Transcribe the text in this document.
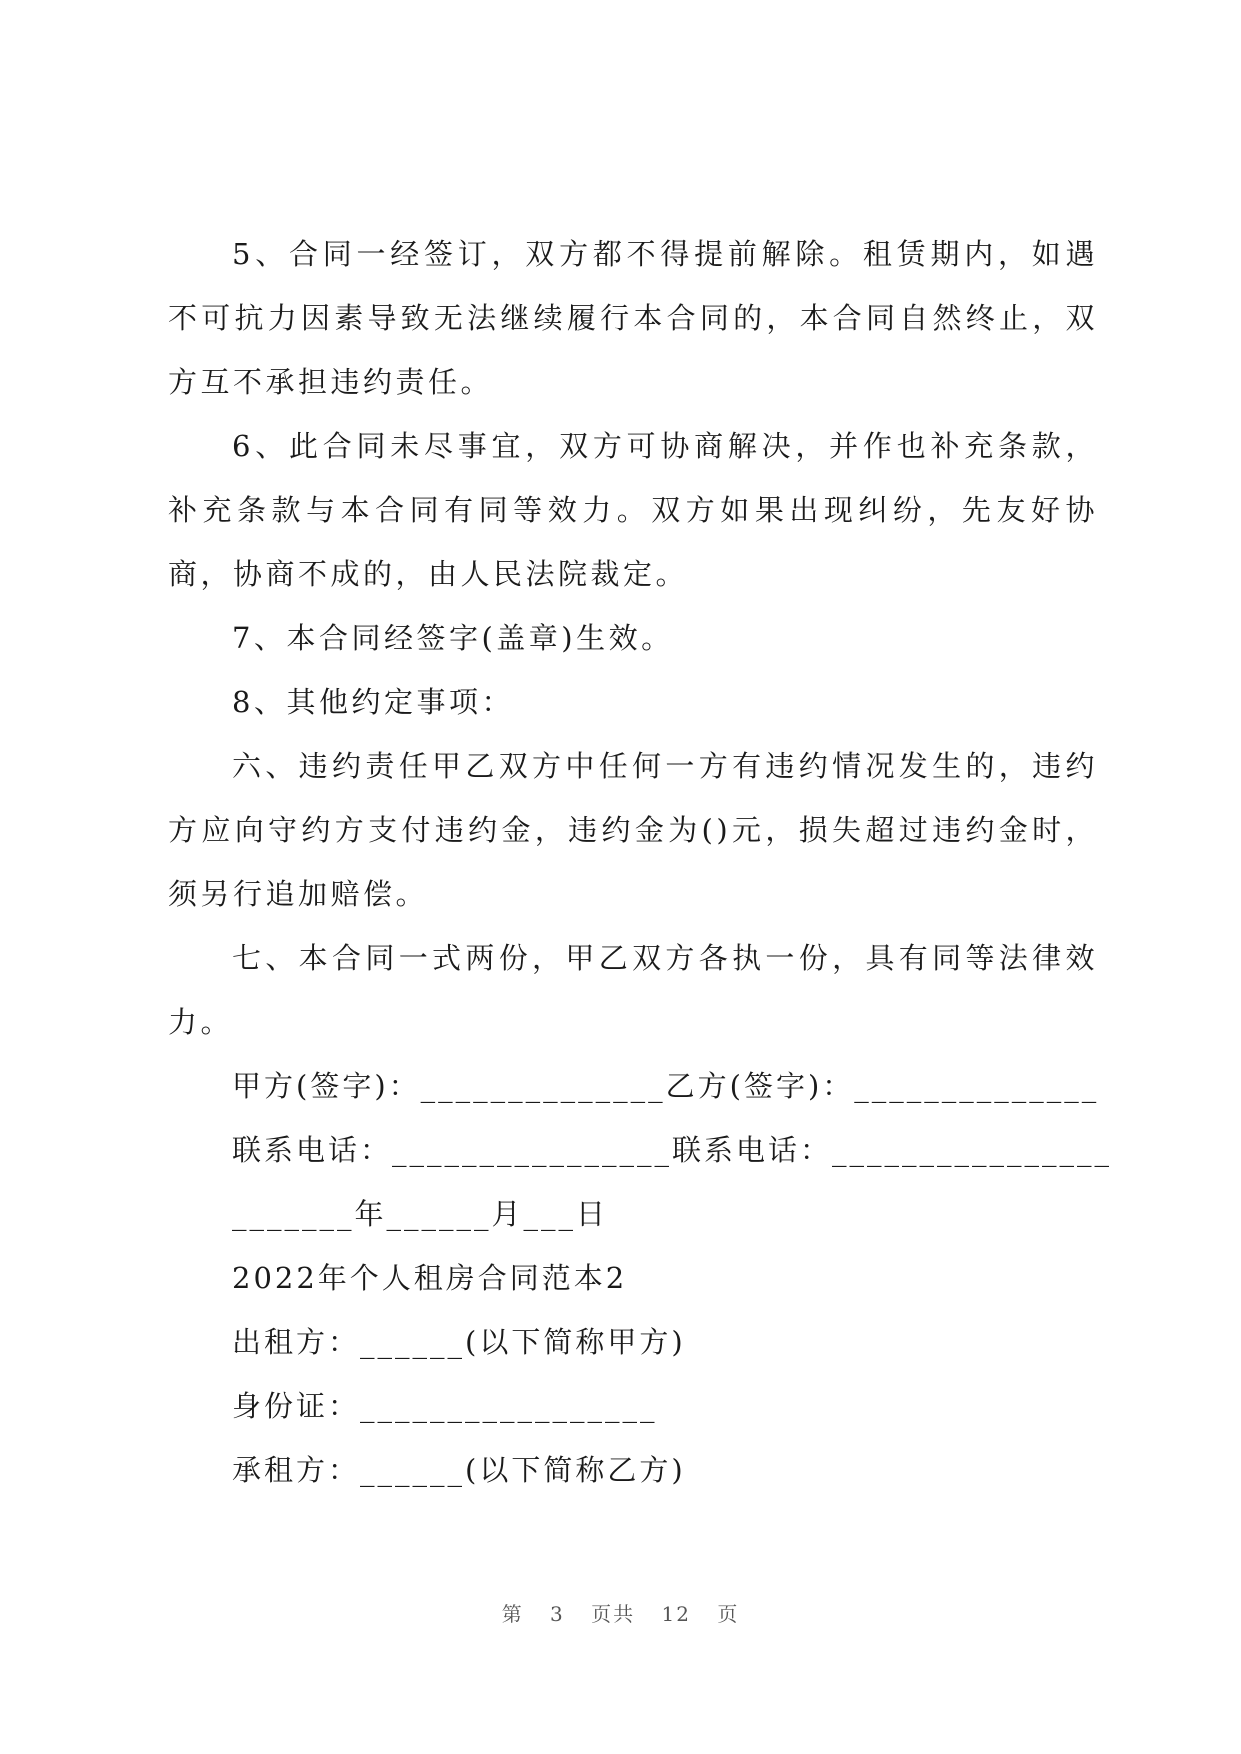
5、合同一经签订，双方都不得提前解除。租赁期内，如遇不可抗力因素导致无法继续履行本合同的，本合同自然终止，双方互不承担违约责任。

6、此合同未尽事宜，双方可协商解决，并作也补充条款，补充条款与本合同有同等效力。双方如果出现纠纷，先友好协商，协商不成的，由人民法院裁定。

7、本合同经签字(盖章)生效。

8、其他约定事项：

六、违约责任甲乙双方中任何一方有违约情况发生的，违约方应向守约方支付违约金，违约金为()元，损失超过违约金时，须另行追加赔偿。

七、本合同一式两份，甲乙双方各执一份，具有同等法律效力。

甲方(签字)：______________乙方(签字)：______________

联系电话：________________联系电话：________________

_______年______月___日

2022年个人租房合同范本2

出租方：______(以下简称甲方)

身份证：_________________

承租方：______(以下简称乙方)

第 3 页共 12 页
